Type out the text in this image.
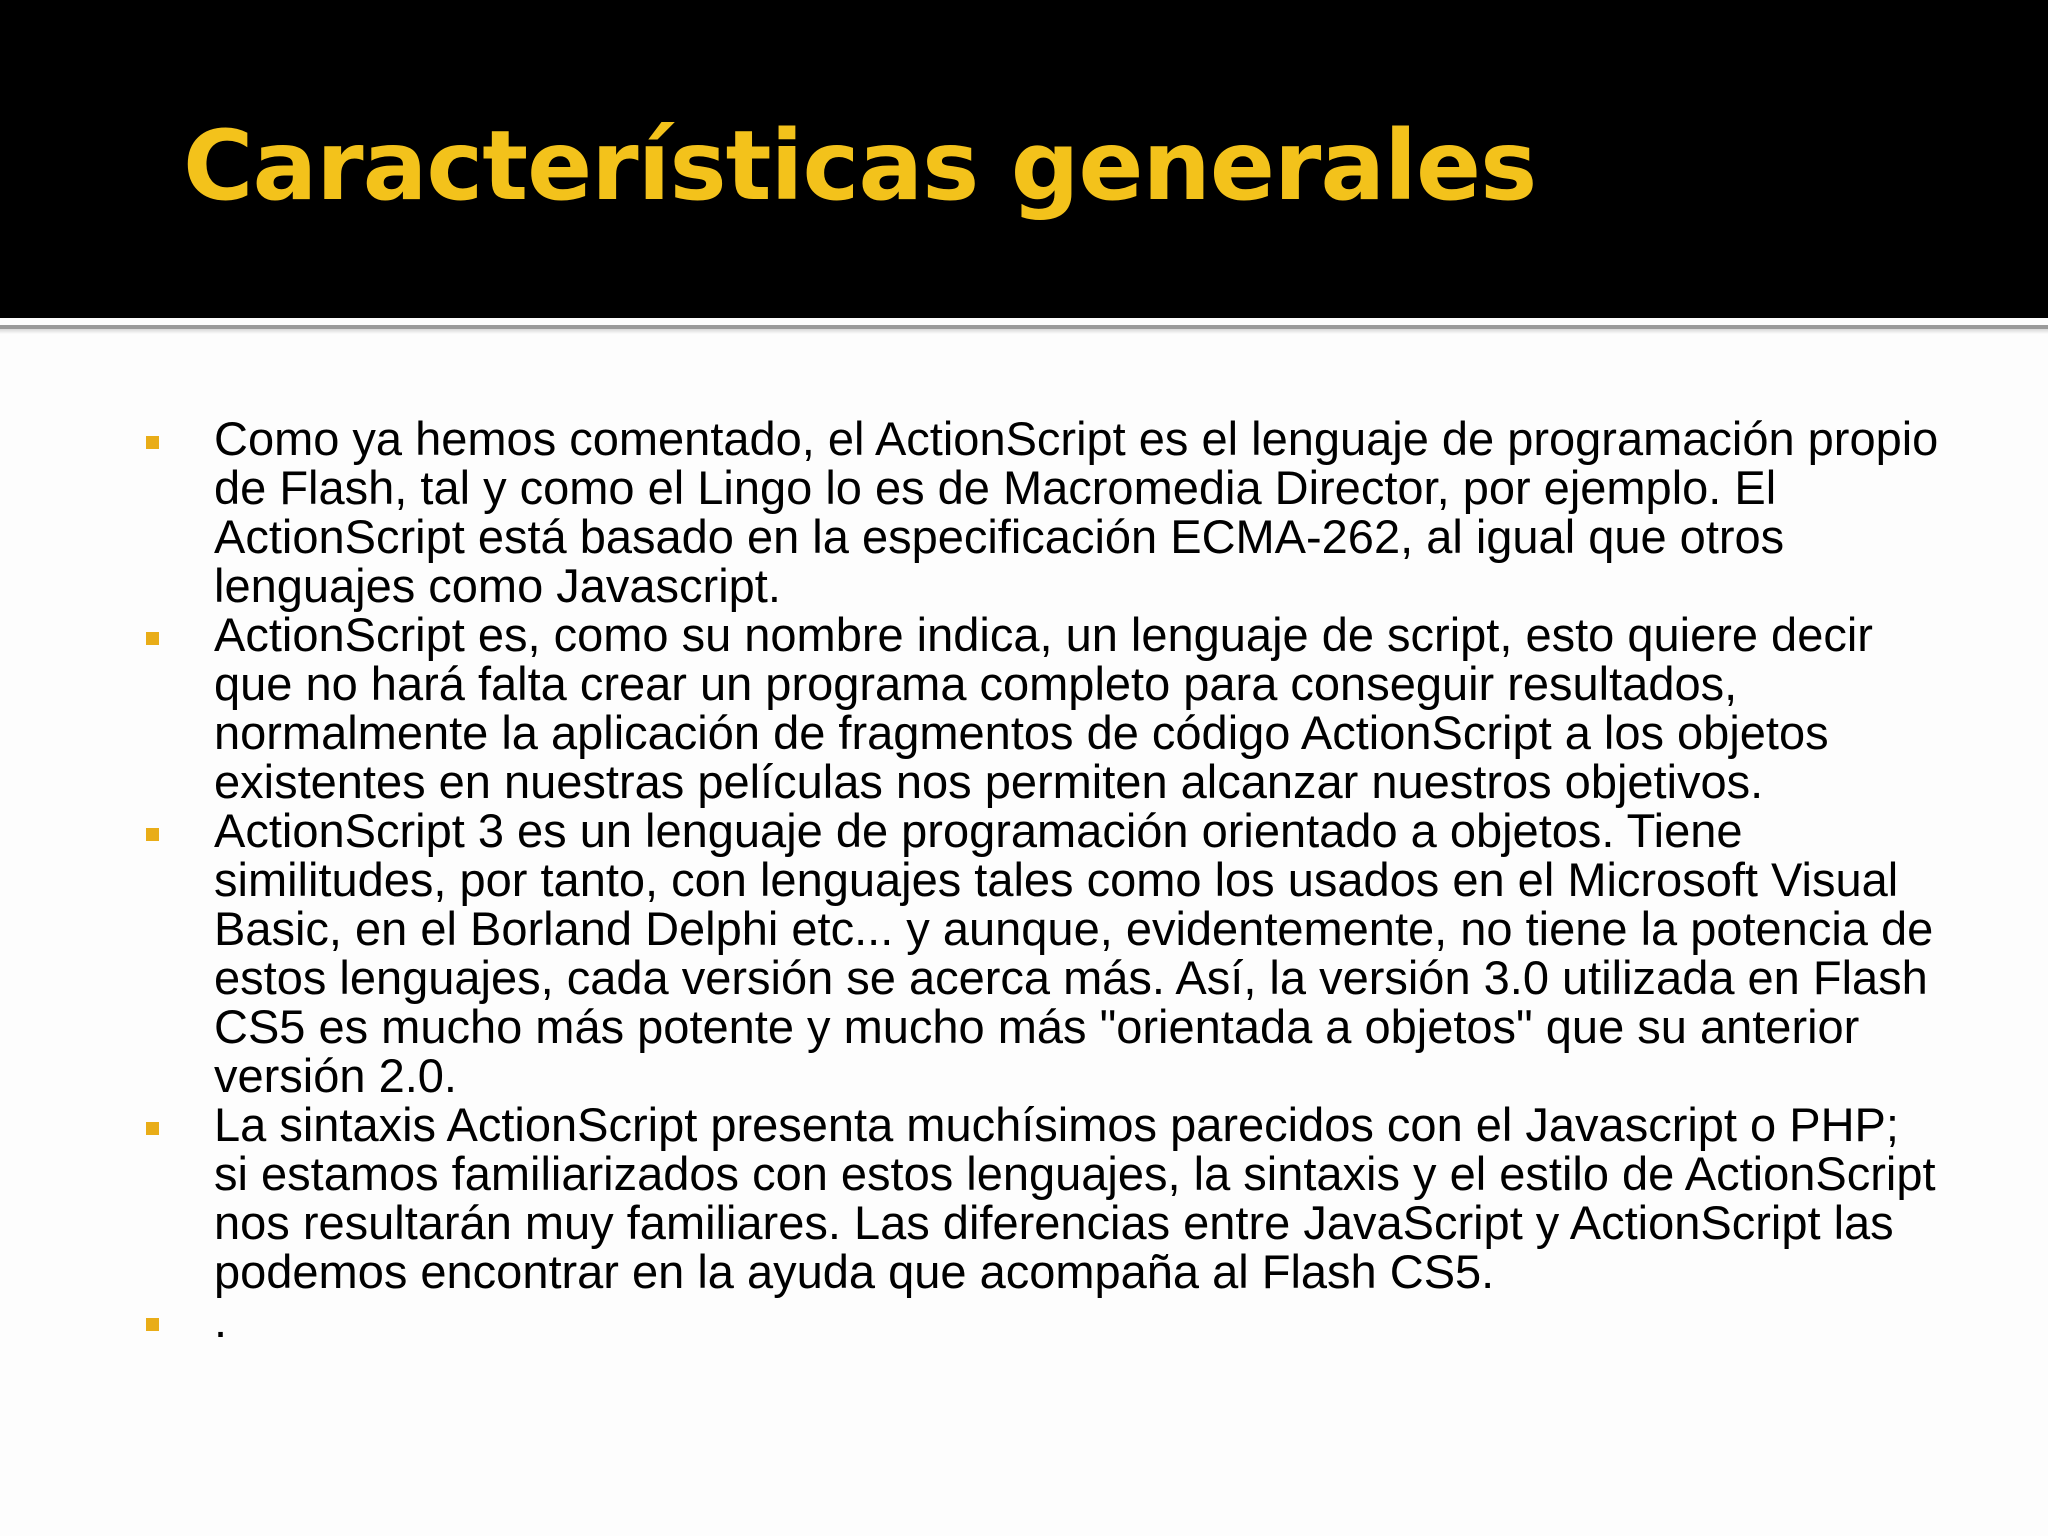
Características generales
Como ya hemos comentado, el ActionScript es el lenguaje de programación propio de Flash, tal y como el Lingo lo es de Macromedia Director, por ejemplo. El ActionScript está basado en la especificación ECMA-262, al igual que otros lenguajes como Javascript.
ActionScript es, como su nombre indica, un lenguaje de script, esto quiere decir que no hará falta crear un programa completo para conseguir resultados, normalmente la aplicación de fragmentos de código ActionScript a los objetos existentes en nuestras películas nos permiten alcanzar nuestros objetivos.
ActionScript 3 es un lenguaje de programación orientado a objetos. Tiene similitudes, por tanto, con lenguajes tales como los usados en el Microsoft Visual Basic, en el Borland Delphi etc... y aunque, evidentemente, no tiene la potencia de estos lenguajes, cada versión se acerca más. Así, la versión 3.0 utilizada en Flash CS5 es mucho más potente y mucho más "orientada a objetos" que su anterior versión 2.0.
La sintaxis ActionScript presenta muchísimos parecidos con el Javascript o PHP; si estamos familiarizados con estos lenguajes, la sintaxis y el estilo de ActionScript nos resultarán muy familiares. Las diferencias entre JavaScript y ActionScript las podemos encontrar en la ayuda que acompaña al Flash CS5.
.
